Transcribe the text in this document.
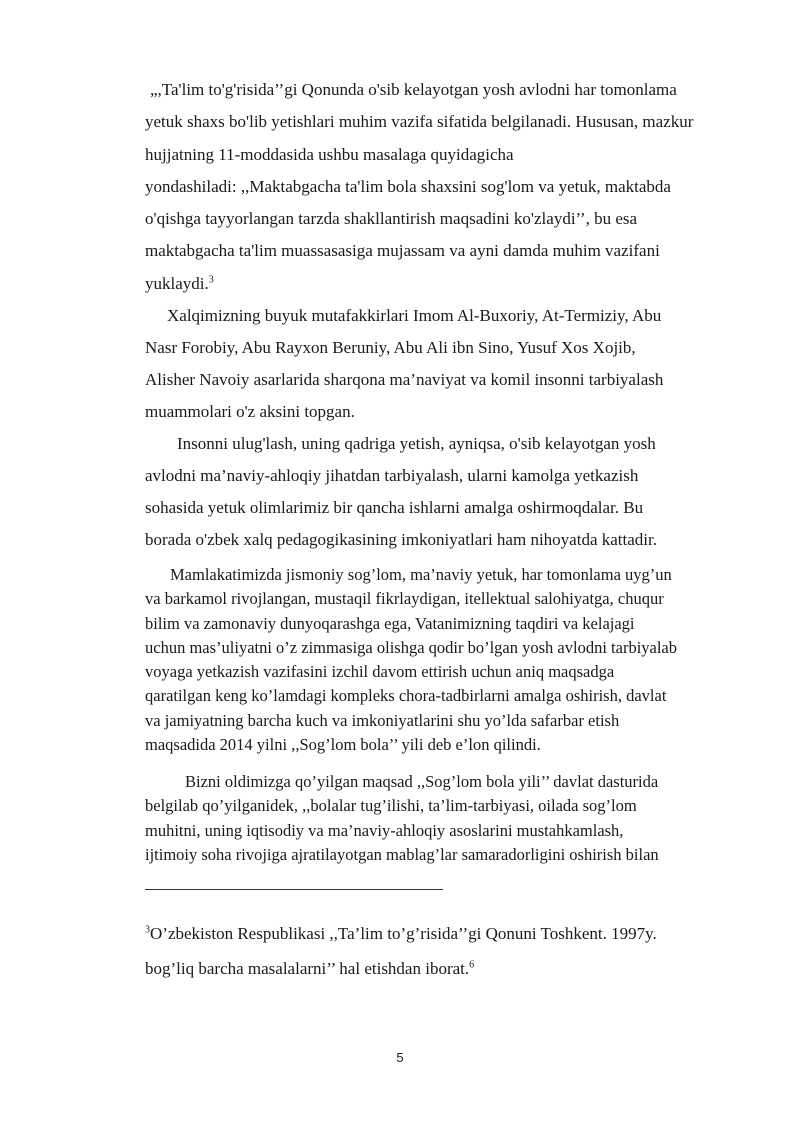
„,Ta'lim to'g'risida’’gi Qonunda o'sib kelayotgan yosh avlodni har tomonlama
yetuk shaxs bo'lib yetishlari muhim vazifa sifatida belgilanadi. Hususan, mazkur
hujjatning 11-moddasida ushbu masalaga quyidagicha
yondashiladi: ,,Maktabgacha ta'lim bola shaxsini sog'lom va yetuk, maktabda
o'qishga tayyorlangan tarzda shakllantirish maqsadini ko'zlaydi’’, bu esa
maktabgacha ta'lim muassasasiga mujassam va ayni damda muhim vazifani
yuklaydi.$^3$
Xalqimizning buyuk mutafakkirlari Imom Al-Buxoriy, At-Termiziy, Abu
Nasr Forobiy, Abu Rayxon Beruniy, Abu Ali ibn Sino, Yusuf Xos Xojib,
Alisher Navoiy asarlarida sharqona ma’naviyat va komil insonni tarbiyalash
muammolari o'z aksini topgan.
Insonni ulug'lash, uning qadriga yetish, ayniqsa, o'sib kelayotgan yosh
avlodni ma’naviy-ahloqiy jihatdan tarbiyalash, ularni kamolga yetkazish
sohasida yetuk olimlarimiz bir qancha ishlarni amalga oshirmoqdalar. Bu
borada o'zbek xalq pedagogikasining imkoniyatlari ham nihoyatda kattadir.
Mamlakatimizda jismoniy sog’lom, ma’naviy yetuk, har tomonlama uyg’un
va barkamol rivojlangan, mustaqil fikrlaydigan, itellektual salohiyatga, chuqur
bilim va zamonaviy dunyoqarashga ega, Vatanimizning taqdiri va kelajagi
uchun mas’uliyatni o’z zimmasiga olishga qodir bo’lgan yosh avlodni tarbiyalab
voyaga yetkazish vazifasini izchil davom ettirish uchun aniq maqsadga
qaratilgan keng ko’lamdagi kompleks chora-tadbirlarni amalga oshirish, davlat
va jamiyatning barcha kuch va imkoniyatlarini shu yo’lda safarbar etish
maqsadida 2014 yilni ,,Sog’lom bola’’ yili deb e’lon qilindi.
Bizni oldimizga qo’yilgan maqsad ,,Sog’lom bola yili’’ davlat dasturida
belgilab qo’yilganidek, ,,bolalar tug’ilishi, ta’lim-tarbiyasi, oilada sog’lom
muhitni, uning iqtisodiy va ma’naviy-ahloqiy asoslarini mustahkamlash,
ijtimoiy soha rivojiga ajratilayotgan mablag’lar samaradorligini oshirish bilan
$^3$O’zbekiston Respublikasi ,,Ta’lim to’g’risida’’gi Qonuni Toshkent. 1997y.
bog’liq barcha masalalarni’’ hal etishdan iborat.$^6$
5
